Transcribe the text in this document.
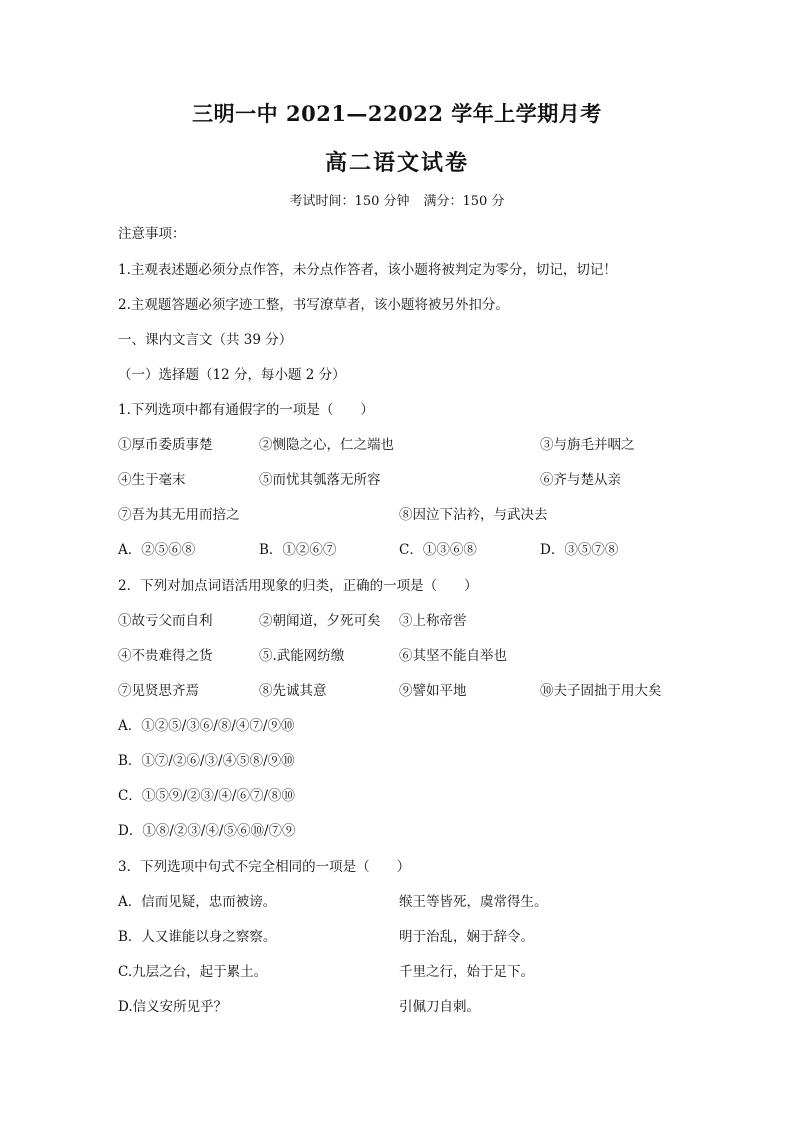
三明一中 2021—22022 学年上学期月考
高二语文试卷
考试时间：150 分钟 满分：150 分
注意事项：
1.主观表述题必须分点作答，未分点作答者，该小题将被判定为零分，切记，切记！
2.主观题答题必须字迹工整，书写潦草者，该小题将被另外扣分。
一、课内文言文（共 39 分）
（一）选择题（12 分，每小题 2 分）
1.下列选项中都有通假字的一项是（　　）
①厚币委质事楚	②恻隐之心，仁之端也	③与旃毛并咽之
④生于毫末	⑤而忧其瓠落无所容	⑥齐与楚从亲
⑦吾为其无用而掊之	⑧因泣下沾衿，与武决去
A．②⑤⑥⑧	B．①②⑥⑦	C．①③⑥⑧	D．③⑤⑦⑧
2．下列对加点词语活用现象的归类，正确的一项是（　　）
①故亏父而自利	②朝闻道，夕死可矣 ③上称帝喾
④不贵难得之货	⑤.武能网纺缴	⑥其坚不能自举也
⑦见贤思齐焉	⑧先诚其意	⑨譬如平地	⑩夫子固拙于用大矣
A．①②⑤/③⑥/⑧/④⑦/⑨⑩
B．①⑦/②⑥/③/④⑤⑧/⑨⑩
C．①⑤⑨/②③/④/⑥⑦/⑧⑩
D．①⑧/②③/④/⑤⑥⑩/⑦⑨
3．下列选项中句式不完全相同的一项是（　　）
A．信而见疑，忠而被谤。	缑王等皆死，虞常得生。
B．人又谁能以身之察察。	明于治乱，娴于辞令。
C.九层之台，起于累土。	千里之行，始于足下。
D.信义安所见乎？	引佩刀自刺。
